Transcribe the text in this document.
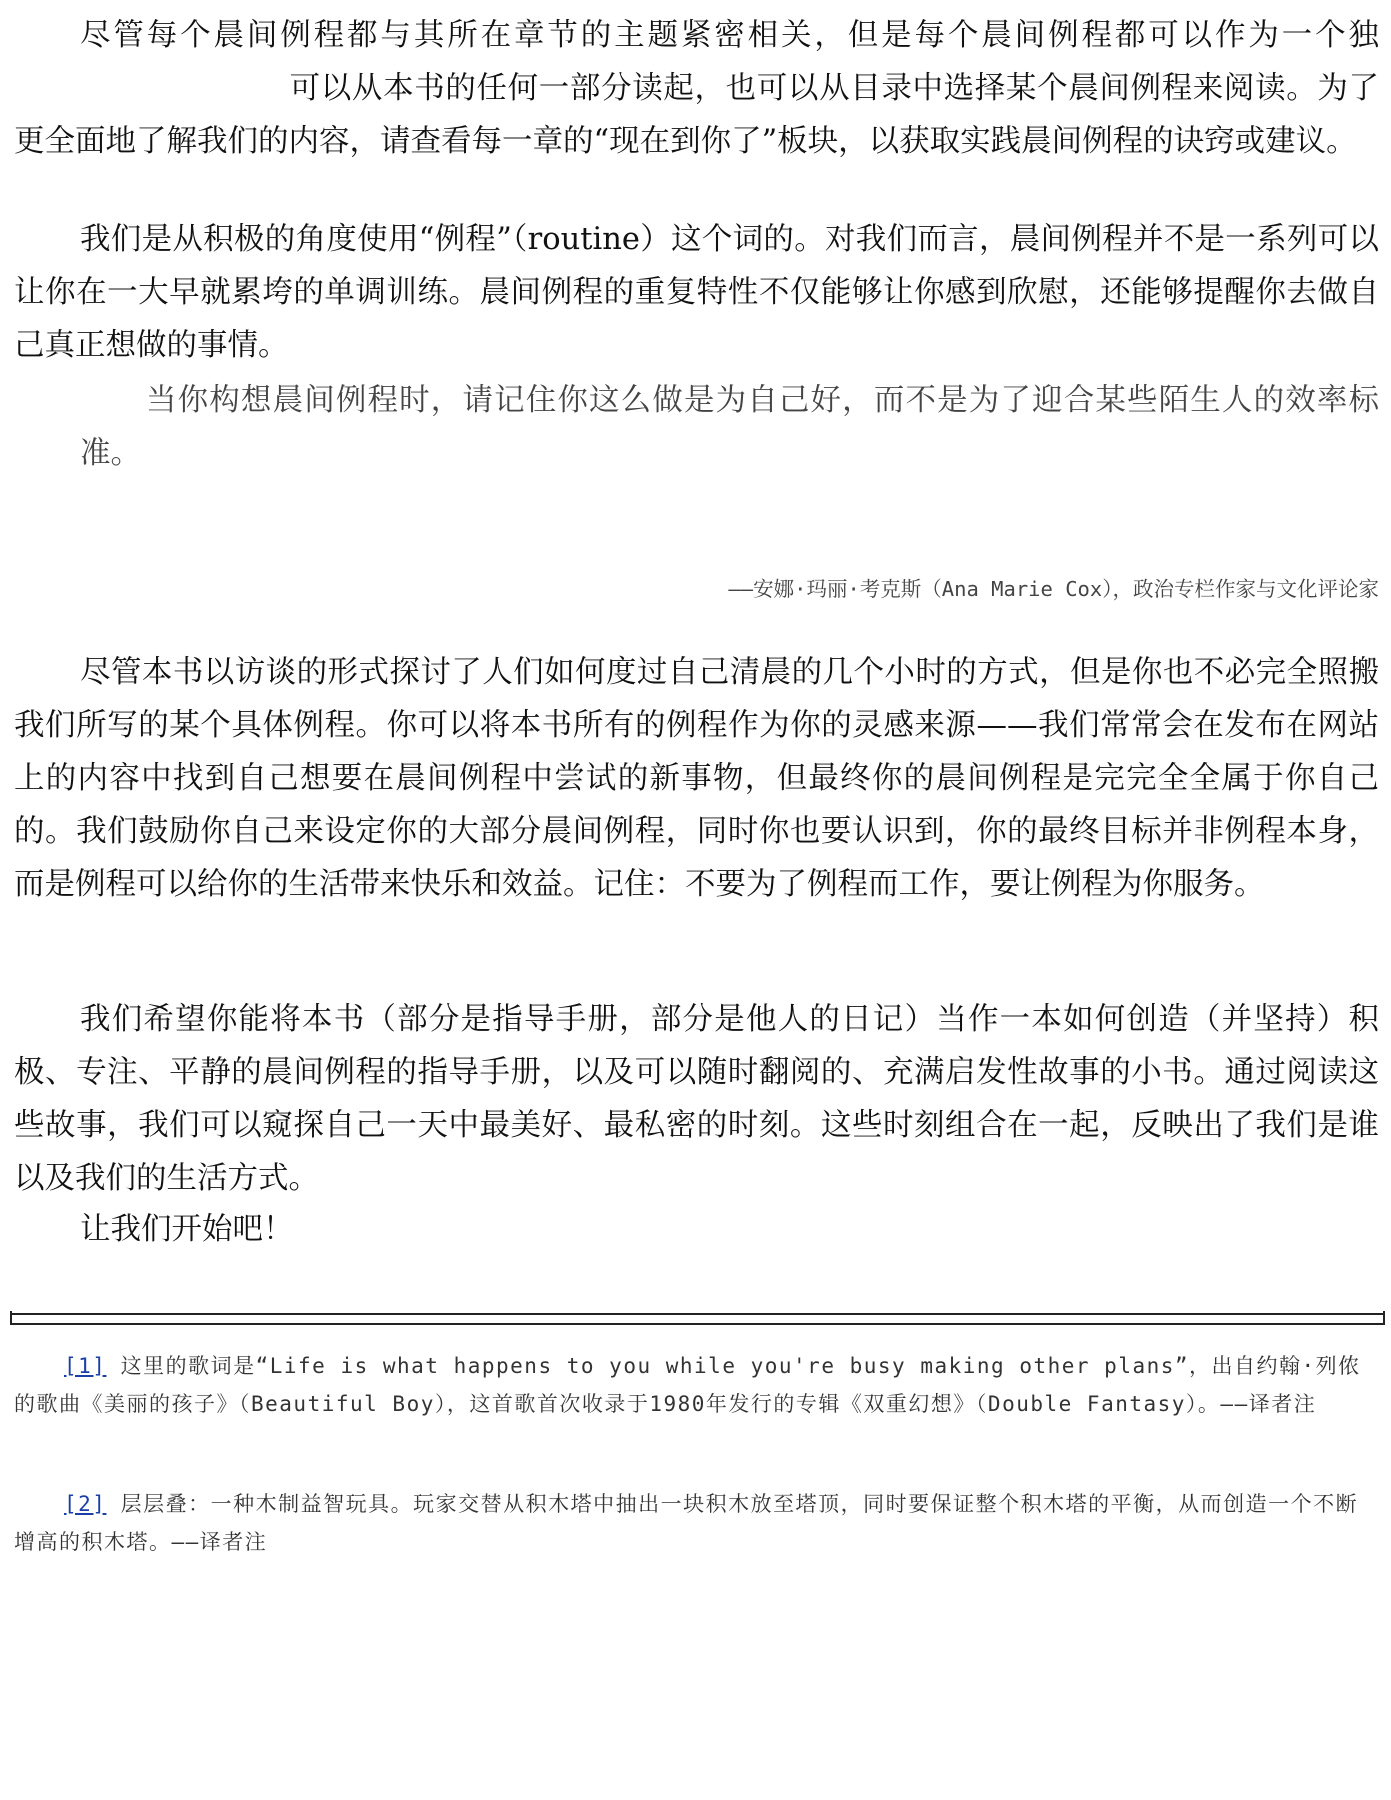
尽管每个晨间例程都与其所在章节的主题紧密相关，但是每个晨间例程都可以作为一个独可以从本书的任何一部分读起，也可以从目录中选择某个晨间例程来阅读。为了更全面地了解我们的内容，请查看每一章的“现在到你了”板块，以获取实践晨间例程的诀窍或建议。

我们是从积极的角度使用“例程”（routine）这个词的。对我们而言，晨间例程并不是一系列可以让你在一大早就累垮的单调训练。晨间例程的重复特性不仅能够让你感到欣慰，还能够提醒你去做自己真正想做的事情。

当你构想晨间例程时，请记住你这么做是为自己好，而不是为了迎合某些陌生人的效率标准。

——安娜·玛丽·考克斯（Ana Marie Cox），政治专栏作家与文化评论家

尽管本书以访谈的形式探讨了人们如何度过自己清晨的几个小时的方式，但是你也不必完全照搬我们所写的某个具体例程。你可以将本书所有的例程作为你的灵感来源——我们常常会在发布在网站上的内容中找到自己想要在晨间例程中尝试的新事物，但最终你的晨间例程是完完全全属于你自己的。我们鼓励你自己来设定你的大部分晨间例程，同时你也要认识到，你的最终目标并非例程本身，而是例程可以给你的生活带来快乐和效益。记住：不要为了例程而工作，要让例程为你服务。

我们希望你能将本书（部分是指导手册，部分是他人的日记）当作一本如何创造（并坚持）积极、专注、平静的晨间例程的指导手册，以及可以随时翻阅的、充满启发性故事的小书。通过阅读这些故事，我们可以窥探自己一天中最美好、最私密的时刻。这些时刻组合在一起，反映出了我们是谁以及我们的生活方式。

让我们开始吧！

[1] 这里的歌词是“Life is what happens to you while you're busy making other plans”，出自约翰·列侬的歌曲《美丽的孩子》（Beautiful Boy），这首歌首次收录于1980年发行的专辑《双重幻想》（Double Fantasy）。——译者注

[2] 层层叠：一种木制益智玩具。玩家交替从积木塔中抽出一块积木放至塔顶，同时要保证整个积木塔的平衡，从而创造一个不断增高的积木塔。——译者注
